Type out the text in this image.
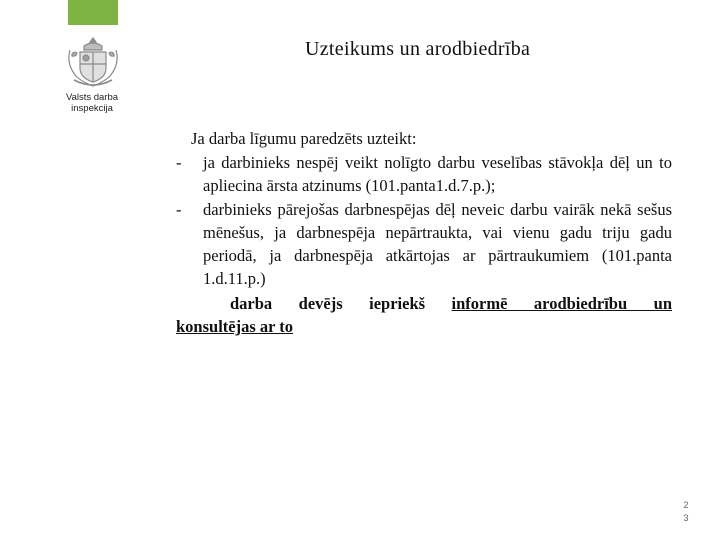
Valsts darba
inspekcija
Uzteikums un arodbiedrība
Ja darba līgumu paredzēts uzteikt:
-	ja darbinieks nespēj veikt nolīgto darbu veselības stāvokļa dēļ un to apliecina ārsta atzinums (101.panta1.d.7.p.);
-	darbinieks pārejošas darbnespējas dēļ neveic darbu vairāk nekā sešus mēnešus, ja darbnespēja nepārtraukta, vai vienu gadu triju gadu periodā, ja darbnespēja atkārtojas ar pārtraukumiem (101.panta 1.d.11.p.)
darba devējs iepriekš informē arodbiedrību un
konsultējas ar to
2
3
